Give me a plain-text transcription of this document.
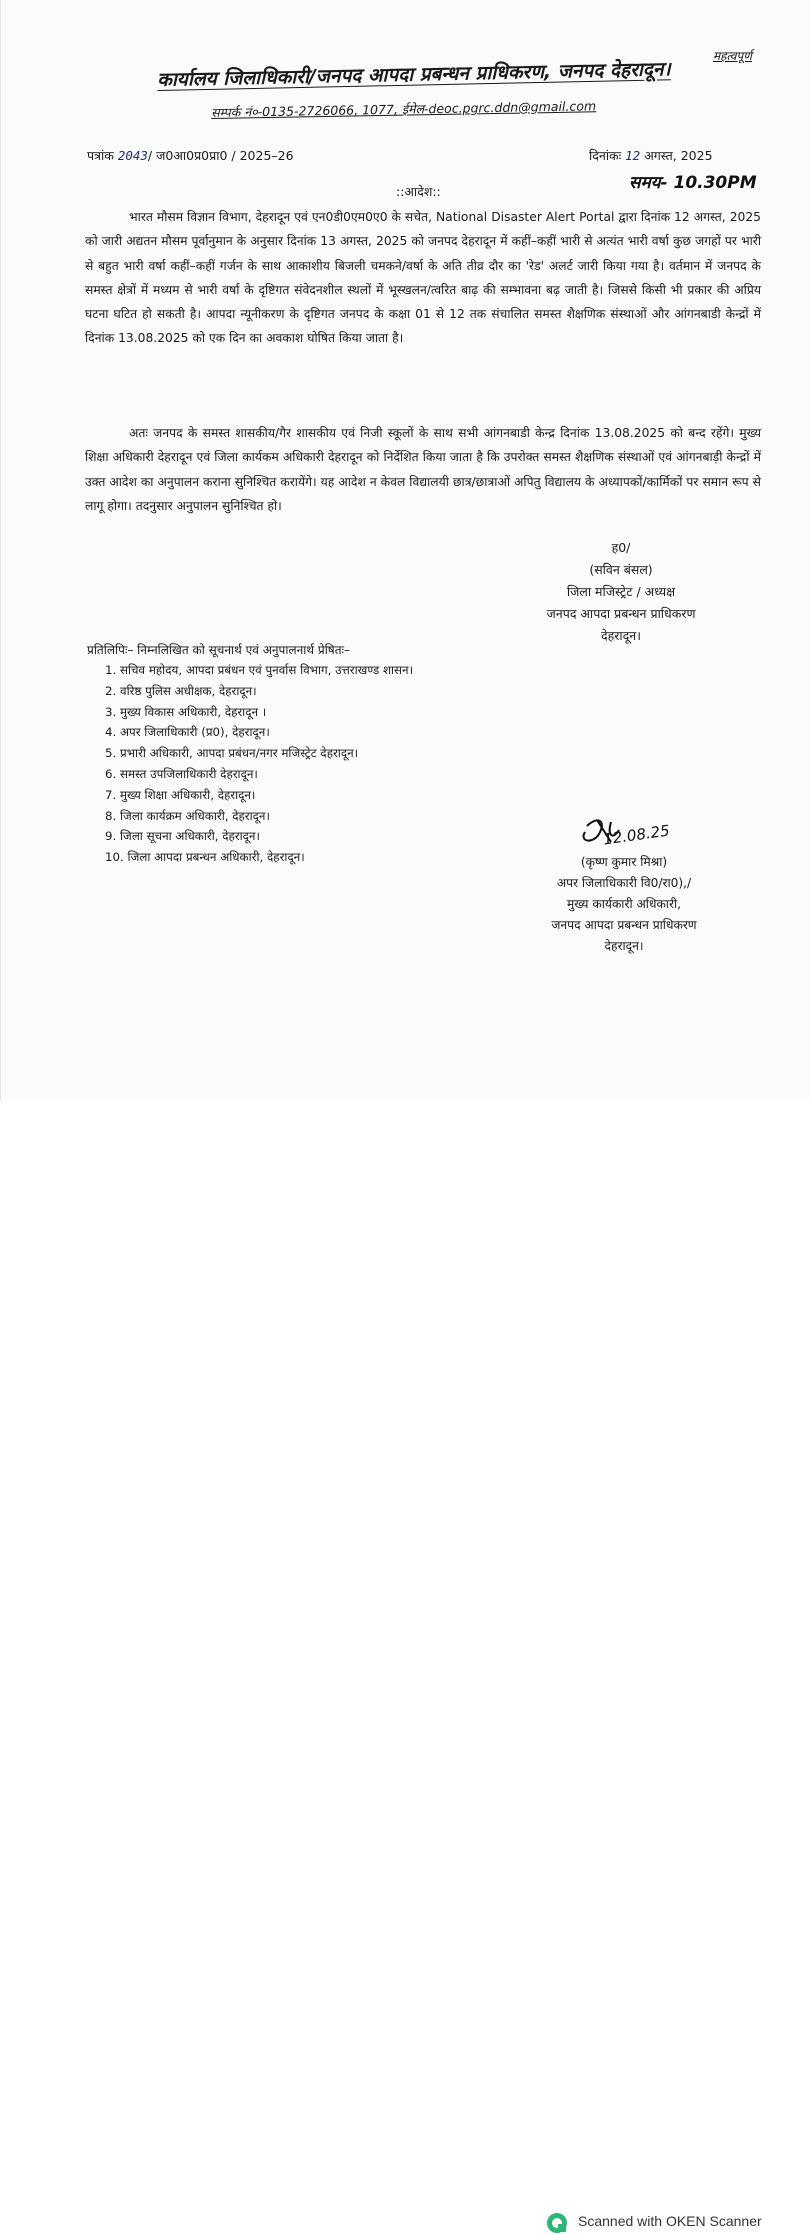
महत्वपूर्ण
कार्यालय जिलाधिकारी/जनपद आपदा प्रबन्धन प्राधिकरण, जनपद देहरादून।
सम्पर्क नं०-0135-2726066, 1077, ईमेल-deoc.pgrc.ddn@gmail.com
पत्रांक 2043/ ज0आ0प्र0प्रा0 / 2025–26	दिनांकः 12 अगस्त, 2025
समय- 10.30PM
::आदेश::

भारत मौसम विज्ञान विभाग, देहरादून एवं एन0डी0एम0ए0 के सचेत, National Disaster Alert Portal द्वारा दिनांक 12 अगस्त, 2025 को जारी अद्यतन मौसम पूर्वानुमान के अनुसार दिनांक 13 अगस्त, 2025 को जनपद देहरादून में कहीं–कहीं भारी से अत्यंत भारी वर्षा कुछ जगहों पर भारी से बहुत भारी वर्षा कहीं–कहीं गर्जन के साथ आकाशीय बिजली चमकने/वर्षा के अति तीव्र दौर का 'रेड' अलर्ट जारी किया गया है। वर्तमान में जनपद के समस्त क्षेत्रों में मध्यम से भारी वर्षा के दृष्टिगत संवेदनशील स्थलों में भूस्खलन/त्वरित बाढ़ की सम्भावना बढ़ जाती है। जिससे किसी भी प्रकार की अप्रिय घटना घटित हो सकती है। आपदा न्यूनीकरण के दृष्टिगत जनपद के कक्षा 01 से 12 तक संचालित समस्त शैक्षणिक संस्थाओं और आंगनबाडी केन्द्रों में दिनांक 13.08.2025 को एक दिन का अवकाश घोषित किया जाता है।

अतः जनपद के समस्त शासकीय/गैर शासकीय एवं निजी स्कूलों के साथ सभी आंगनबाडी केन्द्र दिनांक 13.08.2025 को बन्द रहेंगे। मुख्य शिक्षा अधिकारी देहरादून एवं जिला कार्यकम अधिकारी देहरादून को निर्देशित किया जाता है कि उपरोक्त समस्त शैक्षणिक संस्थाओं एवं आंगनबाड़ी केन्द्रों में उक्त आदेश का अनुपालन कराना सुनिश्चित करायेंगे। यह आदेश न केवल विद्यालयी छात्र/छात्राओं अपितु विद्यालय के अध्यापकों/कार्मिकों पर समान रूप से लागू होगा। तदनुसार अनुपालन सुनिश्चित हो।

ह0/
(सविन बंसल)
जिला मजिस्ट्रेट / अध्यक्ष
जनपद आपदा प्रबन्धन प्राधिकरण
देहरादून।
प्रतिलिपिः– निम्नलिखित को सूचनार्थ एवं अनुपालनार्थ प्रेषितः–
1. सचिव महोदय, आपदा प्रबंधन एवं पुनर्वास विभाग, उत्तराखण्ड शासन।
2. वरिष्ठ पुलिस अधीक्षक, देहरादून।
3. मुख्य विकास अधिकारी, देहरादून ।
4. अपर जिलाधिकारी (प्र0), देहरादून।
5. प्रभारी अधिकारी, आपदा प्रबंधन/नगर मजिस्ट्रेट देहरादून।
6. समस्त उपजिलाधिकारी देहरादून।
7. मुख्य शिक्षा अधिकारी, देहरादून।
8. जिला कार्यक्रम अधिकारी, देहरादून।
9. जिला सूचना अधिकारी, देहरादून।
10. जिला आपदा प्रबन्धन अधिकारी, देहरादून।
12.08.25
(कृष्ण कुमार मिश्रा)
अपर जिलाधिकारी वि0/रा0),/
मुख्य कार्यकारी अधिकारी,
जनपद आपदा प्रबन्धन प्राधिकरण
देहरादून।
Scanned with OKEN Scanner
